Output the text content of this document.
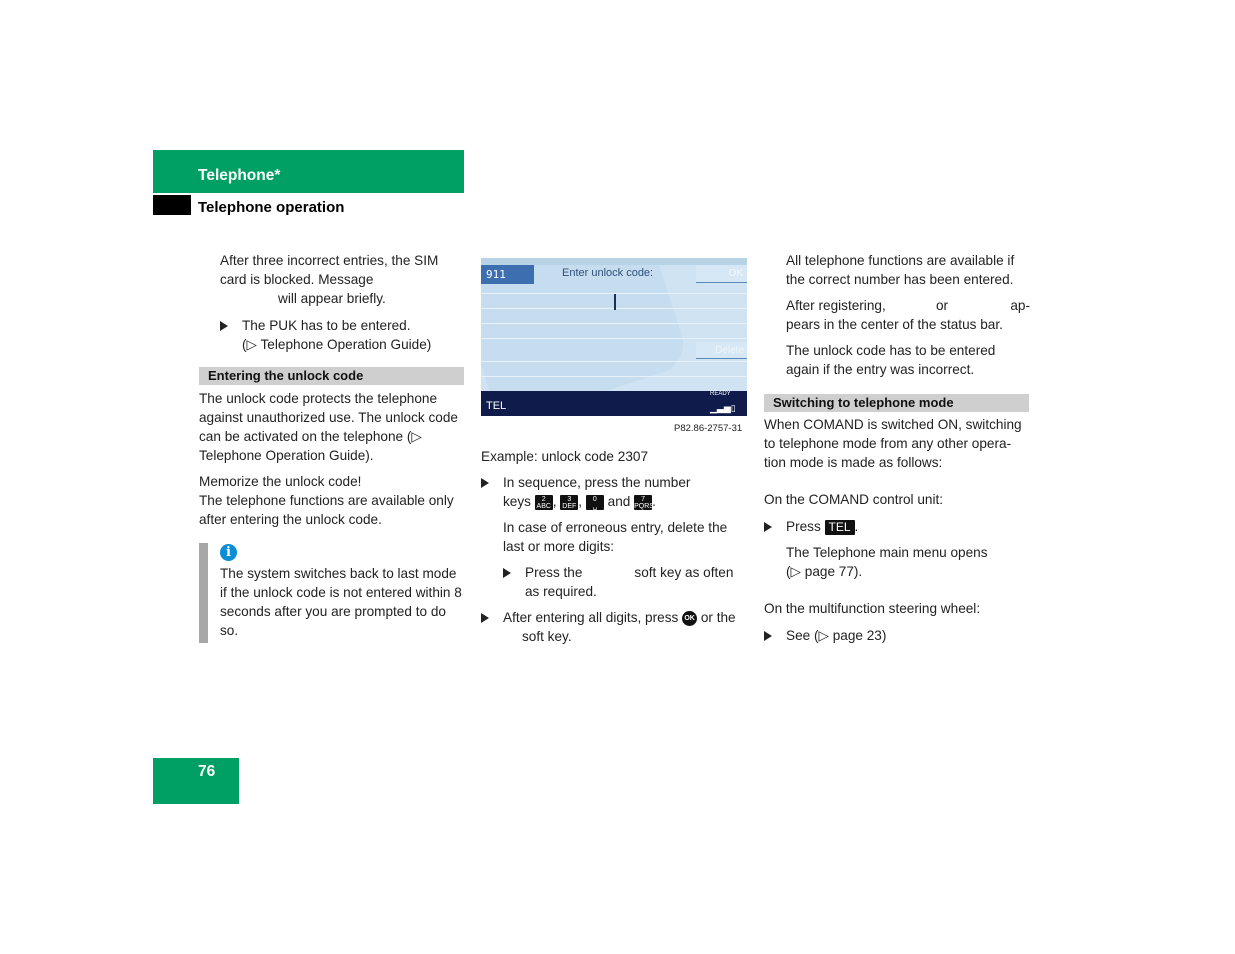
Telephone*
Telephone operation

After three incorrect entries, the SIM card is blocked. Message
will appear briefly.

The PUK has to be entered.
(▷ Telephone Operation Guide)
Entering the unlock code

The unlock code protects the telephone against unauthorized use. The unlock code can be activated on the telephone (▷ Telephone Operation Guide).

Memorize the unlock code!
The telephone functions are available only after entering the unlock code.

i

The system switches back to last mode if the unlock code is not entered within 8 seconds after you are prompted to do so.

911	Enter unlock code:	OK
Delete
TEL
READY
▁▃▅▯
P82.86-2757-31

Example: unlock code 2307

In sequence, press the number
keys 2
ABC , 3
DEF , 0
␣ and 7
PQRS.

In case of erroneous entry, delete the last or more digits:

Press the	soft key as often
as required.
After entering all digits, press OK or the
soft key.

All telephone functions are available if the correct number has been entered.

After registering,	or	ap-

pears in the center of the status bar.

The unlock code has to be entered again if the entry was incorrect.

Switching to telephone mode

When COMAND is switched ON, switching to telephone mode from any other opera-tion mode is made as follows:

On the COMAND control unit:

Press TEL .

The Telephone main menu opens
(▷ page 77).

On the multifunction steering wheel:

See (▷ page 23)
76
